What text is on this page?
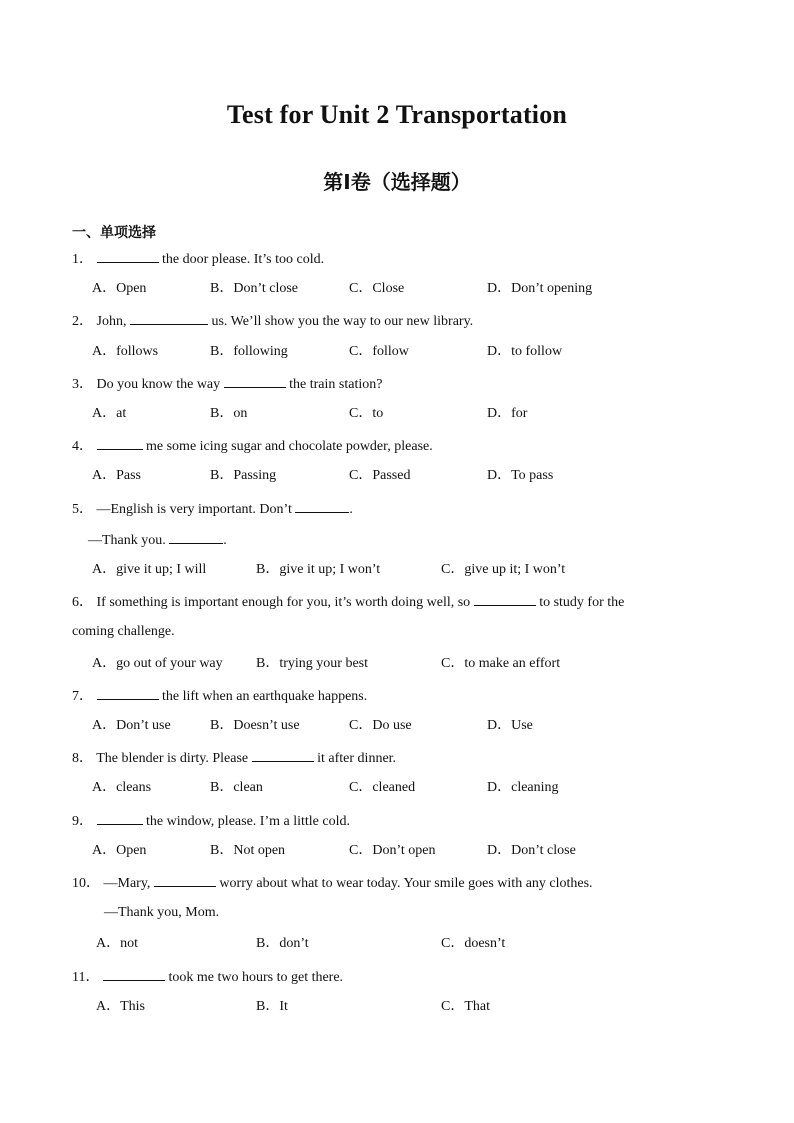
Test for Unit 2 Transportation
第Ⅰ卷（选择题）
一、单项选择
1．	the door please. It’s too cold.
A．Open	B．Don’t close	C．Close	D．Don’t opening
2． John,	us. We’ll show you the way to our new library.
A．follows	B．following	C．follow	D．to follow
3． Do you know the way	the train station?
A．at	B．on	C．to	D．for
4．	me some icing sugar and chocolate powder, please.
A．Pass	B．Passing	C．Passed	D．To pass
5． —English is very important. Don’t	.
—Thank you.	.
A．give it up; I will	B．give it up; I won’t	C．give up it; I won’t
6． If something is important enough for you, it’s worth doing well, so	to study for the
coming challenge.
A．go out of your way B．trying your best	C．to make an effort
7．	the lift when an earthquake happens.
A．Don’t use	B．Doesn’t use	C．Do use	D．Use
8． The blender is dirty. Please	it after dinner.
A．cleans	B．clean	C．cleaned	D．cleaning
9．	the window, please. I’m a little cold.
A．Open	B．Not open	C．Don’t open	D．Don’t close
10． —Mary,	worry about what to wear today. Your smile goes with any clothes.
—Thank you, Mom.
A．not	B．don’t	C．doesn’t
11．	took me two hours to get there.
A．This	B．It	C．That
